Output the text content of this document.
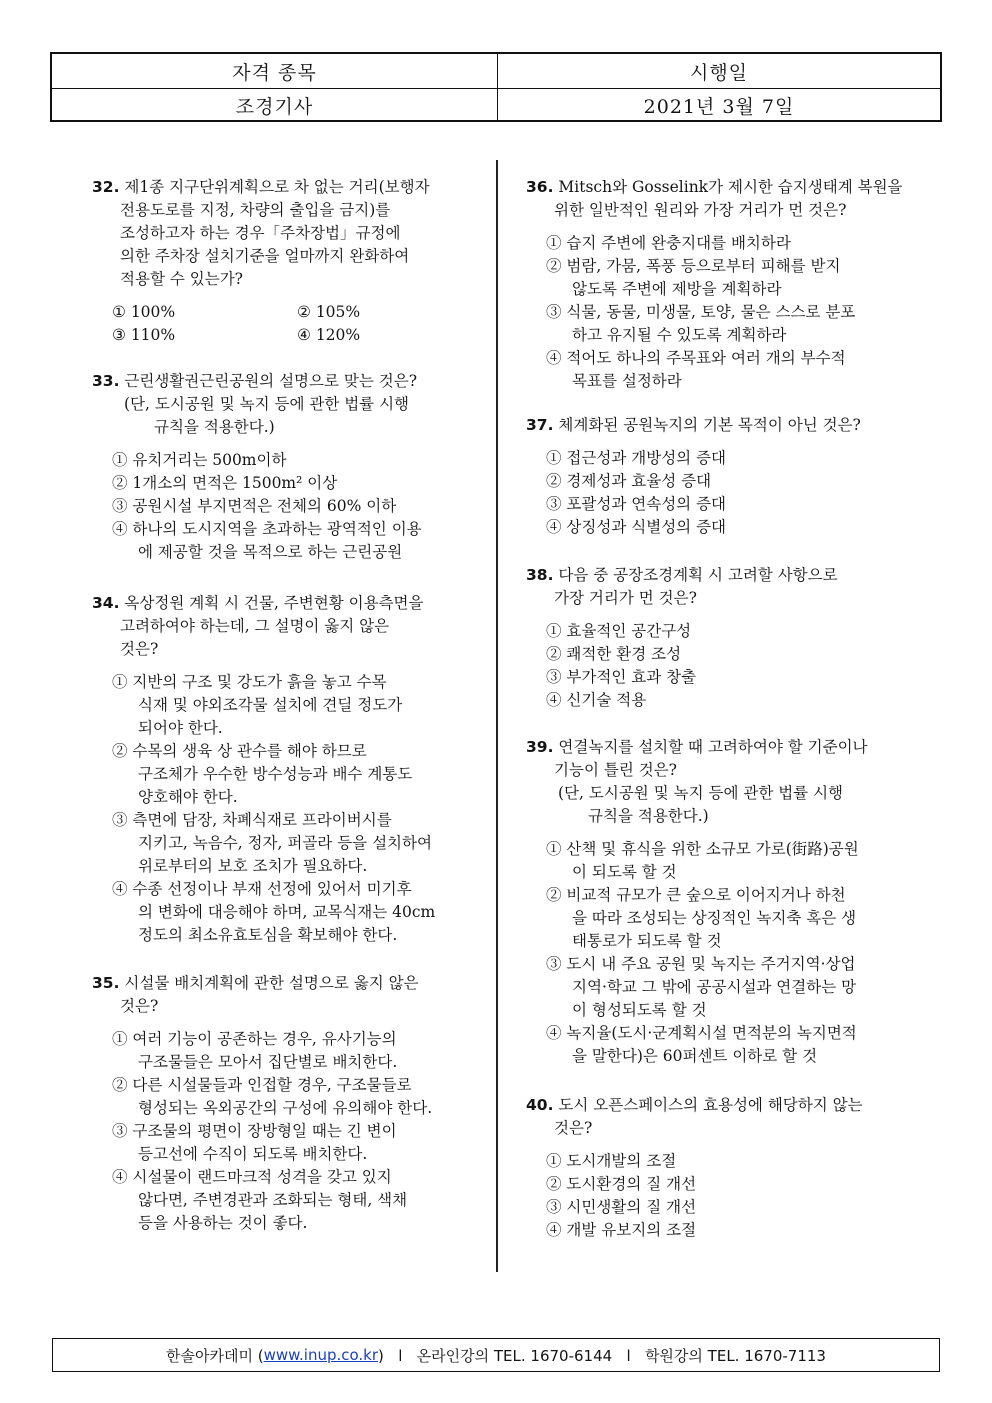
자격 종목	시행일
조경기사	2021년 3월 7일
32. 제1종 지구단위계획으로 차 없는 거리(보행자
전용도로를 지정, 차량의 출입을 금지)를
조성하고자 하는 경우「주차장법」규정에
의한 주차장 설치기준을 얼마까지 완화하여
적용할 수 있는가?
① 100%	② 105%
③ 110%	④ 120%
33. 근린생활권근린공원의 설명으로 맞는 것은?
(단, 도시공원 및 녹지 등에 관한 법률 시행
규칙을 적용한다.)
① 유치거리는 500m이하
② 1개소의 면적은 1500m² 이상
③ 공원시설 부지면적은 전체의 60% 이하
④ 하나의 도시지역을 초과하는 광역적인 이용
에 제공할 것을 목적으로 하는 근린공원
34. 옥상정원 계획 시 건물, 주변현황 이용측면을
고려하여야 하는데, 그 설명이 옳지 않은
것은?
① 지반의 구조 및 강도가 흙을 놓고 수목
식재 및 야외조각물 설치에 견딜 정도가
되어야 한다.
② 수목의 생육 상 관수를 해야 하므로
구조체가 우수한 방수성능과 배수 계통도
양호해야 한다.
③ 측면에 담장, 차폐식재로 프라이버시를
지키고, 녹음수, 정자, 퍼골라 등을 설치하여
위로부터의 보호 조치가 필요하다.
④ 수종 선정이나 부재 선정에 있어서 미기후
의 변화에 대응해야 하며, 교목식재는 40cm
정도의 최소유효토심을 확보해야 한다.
35. 시설물 배치계획에 관한 설명으로 옳지 않은
것은?
① 여러 기능이 공존하는 경우, 유사기능의
구조물들은 모아서 집단별로 배치한다.
② 다른 시설물들과 인접할 경우, 구조물들로
형성되는 옥외공간의 구성에 유의해야 한다.
③ 구조물의 평면이 장방형일 때는 긴 변이
등고선에 수직이 되도록 배치한다.
④ 시설물이 랜드마크적 성격을 갖고 있지
않다면, 주변경관과 조화되는 형태, 색채
등을 사용하는 것이 좋다.
36. Mitsch와 Gosselink가 제시한 습지생태계 복원을
위한 일반적인 원리와 가장 거리가 먼 것은?
① 습지 주변에 완충지대를 배치하라
② 범람, 가뭄, 폭풍 등으로부터 피해를 받지
않도록 주변에 제방을 계획하라
③ 식물, 동물, 미생물, 토양, 물은 스스로 분포
하고 유지될 수 있도록 계획하라
④ 적어도 하나의 주목표와 여러 개의 부수적
목표를 설정하라
37. 체계화된 공원녹지의 기본 목적이 아닌 것은?
① 접근성과 개방성의 증대
② 경제성과 효율성 증대
③ 포괄성과 연속성의 증대
④ 상징성과 식별성의 증대
38. 다음 중 공장조경계획 시 고려할 사항으로
가장 거리가 먼 것은?
① 효율적인 공간구성
② 쾌적한 환경 조성
③ 부가적인 효과 창출
④ 신기술 적용
39. 연결녹지를 설치할 때 고려하여야 할 기준이나
기능이 틀린 것은?
(단, 도시공원 및 녹지 등에 관한 법률 시행
규칙을 적용한다.)
① 산책 및 휴식을 위한 소규모 가로(街路)공원
이 되도록 할 것
② 비교적 규모가 큰 숲으로 이어지거나 하천
을 따라 조성되는 상징적인 녹지축 혹은 생
태통로가 되도록 할 것
③ 도시 내 주요 공원 및 녹지는 주거지역·상업
지역·학교 그 밖에 공공시설과 연결하는 망
이 형성되도록 할 것
④ 녹지율(도시·군계획시설 면적분의 녹지면적
을 말한다)은 60퍼센트 이하로 할 것
40. 도시 오픈스페이스의 효용성에 해당하지 않는
것은?
① 도시개발의 조절
② 도시환경의 질 개선
③ 시민생활의 질 개선
④ 개발 유보지의 조절
한솔아카데미 ( www.inup.co.kr )   l   온라인강의 TEL. 1670-6144   l   학원강의 TEL. 1670-7113
